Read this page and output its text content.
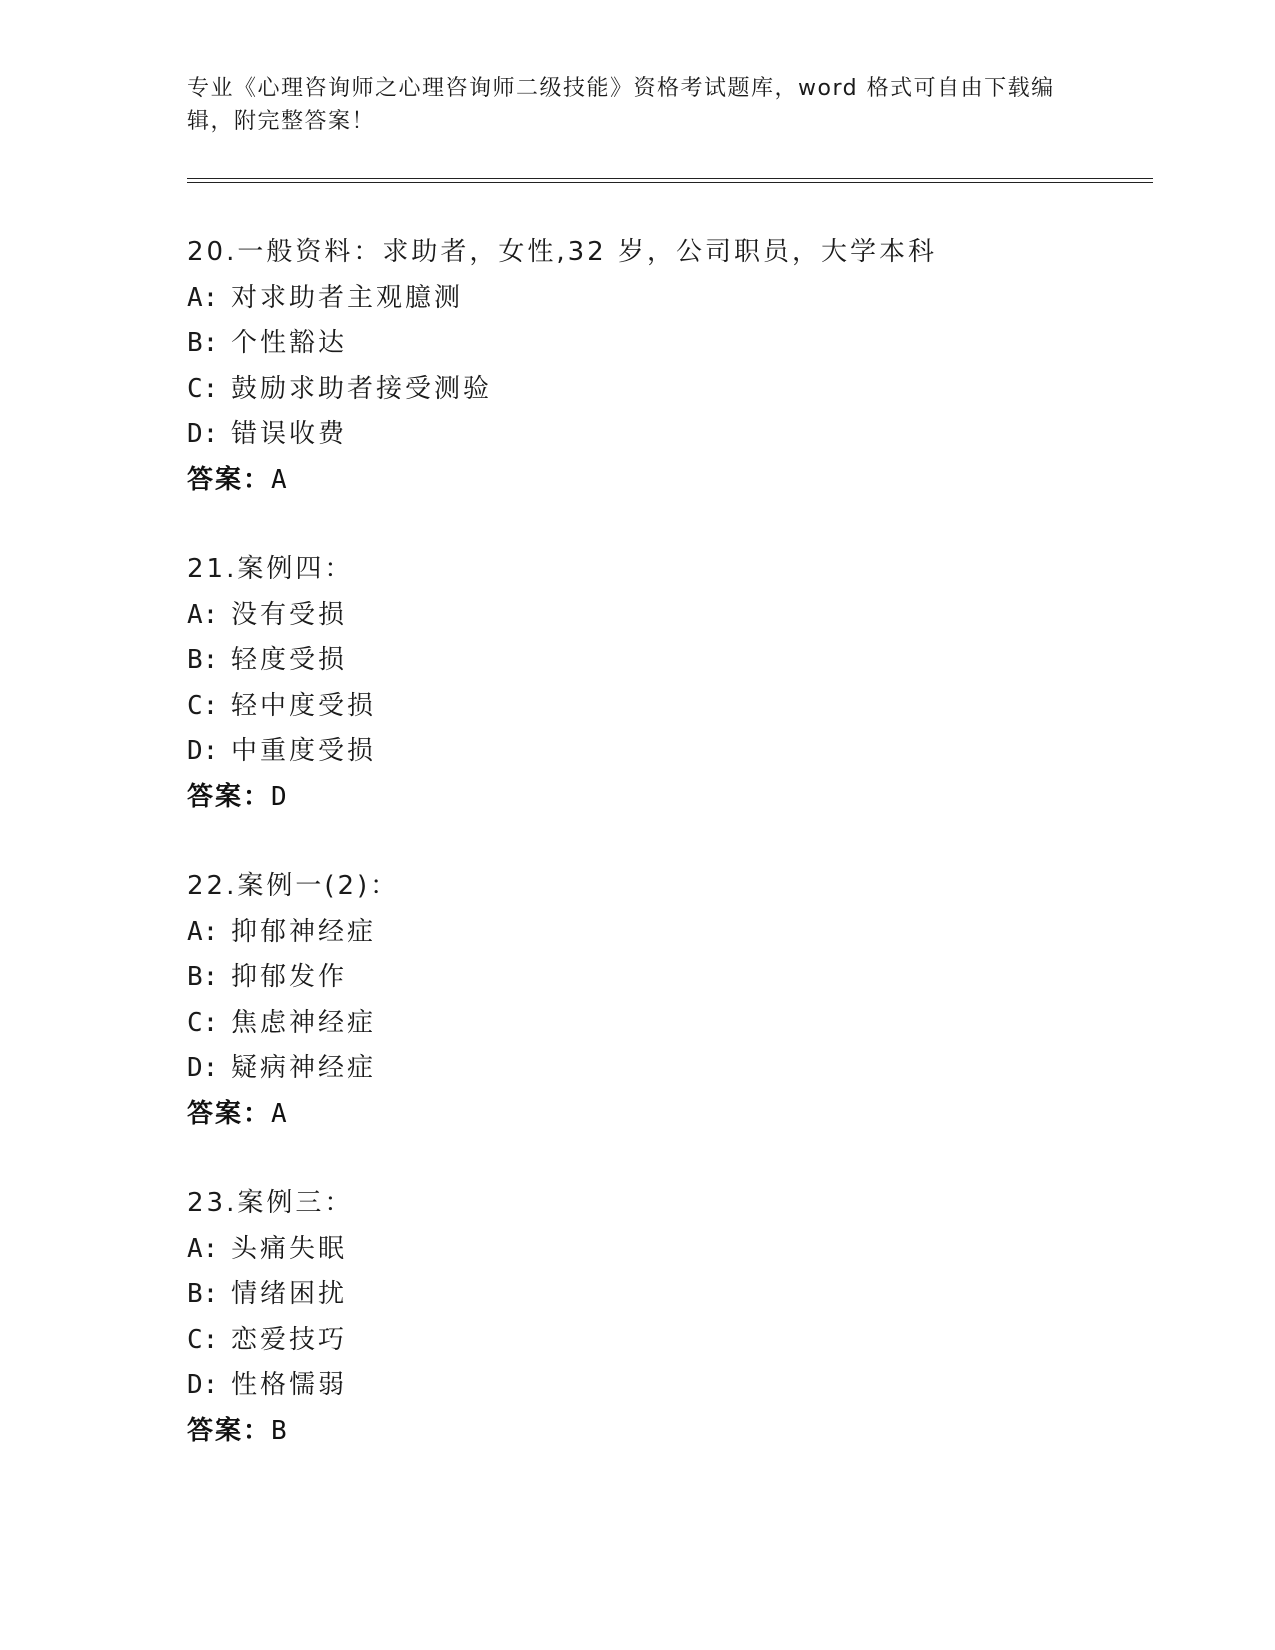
专业《心理咨询师之心理咨询师二级技能》资格考试题库，word 格式可自由下载编辑，附完整答案！
20.一般资料：求助者，女性,32 岁，公司职员，大学本科
A: 对求助者主观臆测
B: 个性豁达
C: 鼓励求助者接受测验
D: 错误收费
答案：A
21.案例四：
A: 没有受损
B: 轻度受损
C: 轻中度受损
D: 中重度受损
答案：D
22.案例一(2)：
A: 抑郁神经症
B: 抑郁发作
C: 焦虑神经症
D: 疑病神经症
答案：A
23.案例三：
A: 头痛失眠
B: 情绪困扰
C: 恋爱技巧
D: 性格懦弱
答案：B
